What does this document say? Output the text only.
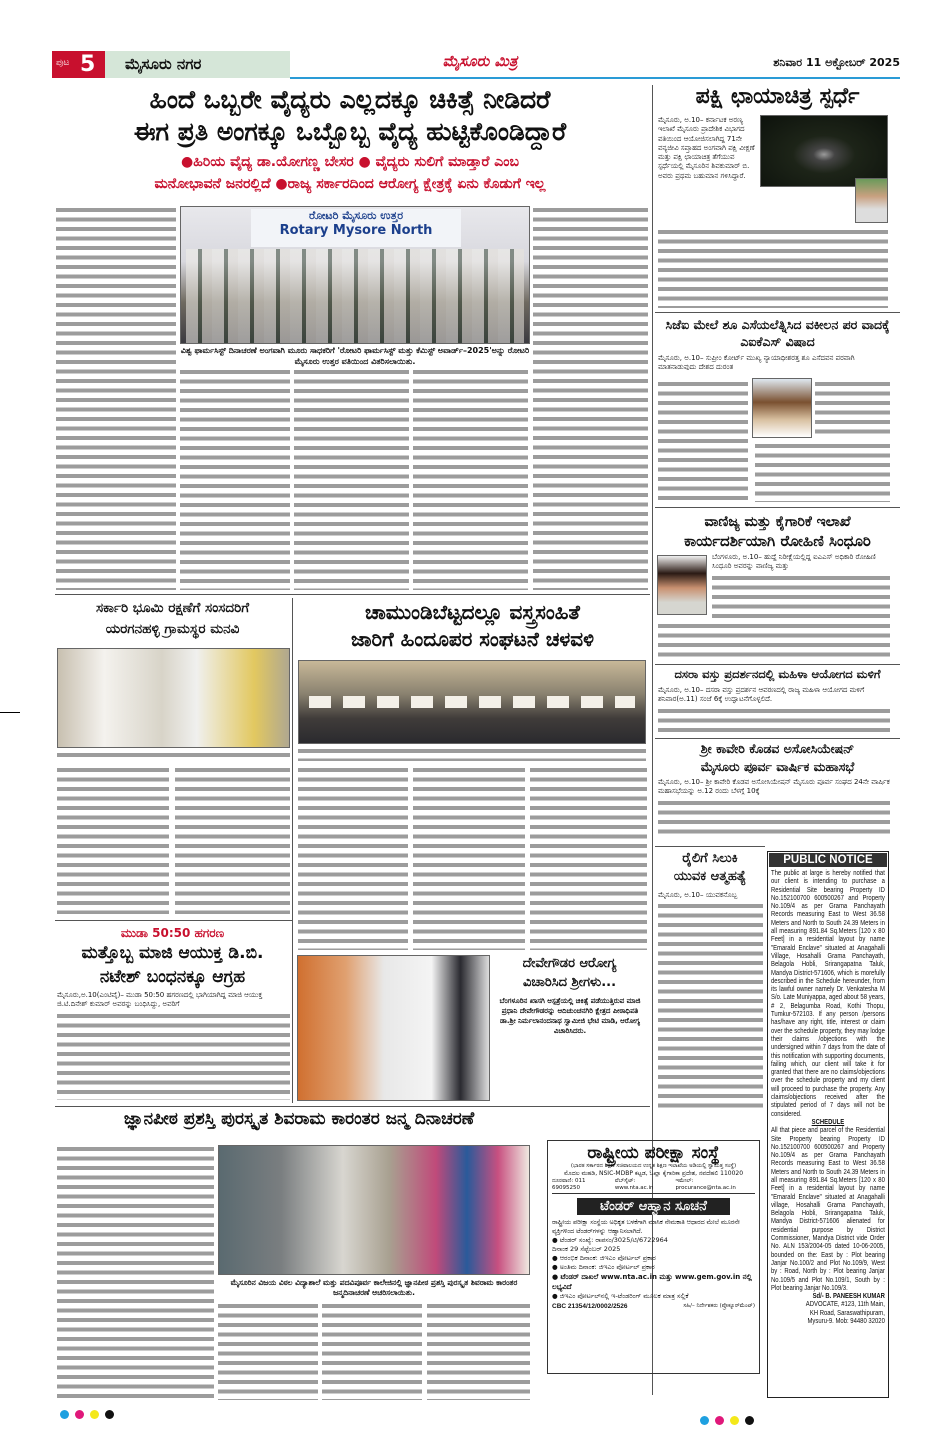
ಪುಟ 5 ಮೈಸೂರು ನಗರ	ಮೈಸೂರು ಮಿತ್ರ	ಶನಿವಾರ 11 ಅಕ್ಟೋಬರ್ 2025
ಹಿಂದೆ ಒಬ್ಬರೇ ವೈದ್ಯರು ಎಲ್ಲದಕ್ಕೂ ಚಿಕಿತ್ಸೆ ನೀಡಿದರೆ
ಈಗ ಪ್ರತಿ ಅಂಗಕ್ಕೂ ಒಬ್ಬೊಬ್ಬ ವೈದ್ಯ ಹುಟ್ಟಿಕೊಂಡಿದ್ದಾರೆ
●ಹಿರಿಯ ವೈದ್ಯ ಡಾ.ಯೋಗಣ್ಣ ಬೇಸರ ● ವೈದ್ಯರು ಸುಲಿಗೆ ಮಾಡ್ತಾರೆ ಎಂಬ
ಮನೋಭಾವನೆ ಜನರಲ್ಲಿದೆ ●ರಾಜ್ಯ ಸರ್ಕಾರದಿಂದ ಆರೋಗ್ಯ ಕ್ಷೇತ್ರಕ್ಕೆ ಏನು ಕೊಡುಗೆ ಇಲ್ಲ
ರೋಟರಿ ಮೈಸೂರು ಉತ್ತರ
Rotary Mysore North
ವಿಶ್ವ ಫಾರ್ಮಸಿಸ್ಟ್ ದಿನಾಚರಣೆ ಅಂಗವಾಗಿ ಮೂರು ಸಾಧಕರಿಗೆ 'ರೋಟರಿ ಫಾರ್ಮಸಿಸ್ಟ್ ಮತ್ತು ಕೆಮಿಸ್ಟ್ ಅವಾರ್ಡ್–2025'ಅನ್ನು ರೋಟರಿ ಮೈಸೂರು ಉತ್ತರ ವತಿಯಿಂದ ವಿತರಿಸಲಾಯಿತು.
ಪಕ್ಷಿ ಛಾಯಾಚಿತ್ರ ಸ್ಪರ್ಧೆ
ಮೈಸೂರು, ಅ.10– ಕರ್ನಾಟಕ ಅರಣ್ಯ ಇಲಾಖೆ ಮೈಸೂರು ಪ್ರಾದೇಶಿಕ ವಿಭಾಗದ ವತಿಯಿಂದ ಆಯೋಜಿಸಲಾಗಿದ್ದ 71ನೇ ವನ್ಯಜೀವಿ ಸಪ್ತಾಹದ ಅಂಗವಾಗಿ ಪಕ್ಷಿ ವೀಕ್ಷಣೆ ಮತ್ತು ಪಕ್ಷಿ ಛಾಯಾಚಿತ್ರ ತೆಗೆಯುವ ಸ್ಪರ್ಧೆಯಲ್ಲಿ ಮೈಸೂರಿನ ಶಿವಕುಮಾರ್ ಬಿ. ಅವರು ಪ್ರಥಮ ಬಹುಮಾನ ಗಳಿಸಿದ್ದಾರೆ.
ಸಿಜೆಐ ಮೇಲೆ ಶೂ ಎಸೆಯಲೆತ್ನಿಸಿದ ವಕೀಲನ ಪರ ವಾದಕ್ಕೆ ಎಐಕೆಎಸ್ ವಿಷಾದ
ಮೈಸೂರು, ಅ.10– ಸುಪ್ರೀಂ ಕೋರ್ಟ್ ಮುಖ್ಯ ನ್ಯಾಯಾಧೀಶರತ್ತ ಶೂ ಎಸೆದವನ ಪರವಾಗಿ ಮಾತನಾಡುವುದು ದೇಶದ ದುರಂತ
ವಾಣಿಜ್ಯ ಮತ್ತು ಕೈಗಾರಿಕೆ ಇಲಾಖೆ
ಕಾರ್ಯದರ್ಶಿಯಾಗಿ ರೋಹಿಣಿ ಸಿಂಧೂರಿ
ಬೆಂಗಳೂರು, ಅ.10– ಹುದ್ದೆ ನಿರೀಕ್ಷೆಯಲ್ಲಿದ್ದ ಐಎಎಸ್ ಅಧಿಕಾರಿ ರೋಹಿಣಿ ಸಿಂಧೂರಿ ಅವರನ್ನು ವಾಣಿಜ್ಯ ಮತ್ತು
ದಸರಾ ವಸ್ತು ಪ್ರದರ್ಶನದಲ್ಲಿ ಮಹಿಳಾ ಆಯೋಗದ ಮಳಿಗೆ
ಮೈಸೂರು, ಅ.10– ದಸರಾ ವಸ್ತು ಪ್ರದರ್ಶನ ಆವರಣದಲ್ಲಿ ರಾಜ್ಯ ಮಹಿಳಾ ಆಯೋಗದ ಮಳಿಗೆ ಶನಿವಾರ(ಅ.11) ಸಂಜೆ 6ಕ್ಕೆ ಉದ್ಘಾಟನೆಗೊಳ್ಳಲಿದೆ.
ಶ್ರೀ ಕಾವೇರಿ ಕೊಡವ ಅಸೋಸಿಯೇಷನ್
ಮೈಸೂರು ಪೂರ್ವ ವಾರ್ಷಿಕ ಮಹಾಸಭೆ
ಮೈಸೂರು, ಅ.10– ಶ್ರೀ ಕಾವೇರಿ ಕೊಡವ ಅಸೋಸಿಯೇಷನ್ ಮೈಸೂರು ಪೂರ್ವ ಸಂಘದ 24ನೇ ವಾರ್ಷಿಕ ಮಹಾಸಭೆಯನ್ನು ಅ.12 ರಂದು ಬೆಳಗ್ಗೆ 10ಕ್ಕೆ
ರೈಲಿಗೆ ಸಿಲುಕಿ
ಯುವಕ ಆತ್ಮಹತ್ಯೆ
ಮೈಸೂರು, ಅ.10– ಯುವಕನೊಬ್ಬ
PUBLIC NOTICE
The public at large is hereby notified that our client is intending to purchase a Residential Site bearing Property ID No.152100700 600500267 and Property No.109/4 as per Grama Panchayath Records measuring East to West 36.58 Meters and North to South 24.39 Meters in all measuring 891.84 Sq.Meters [120 x 80 Feet] in a residential layout by name "Emarald Enclave" situated at Anagahalli Village, Hosahalli Grama Panchayath, Belagola Hobli, Srirangapatna Taluk, Mandya District-571606, which is morefully described in the Schedule hereunder, from its lawful owner namely Dr. Venkatesha M S/o. Late Muniyappa, aged about 58 years, # 2, Belagumba Road, Kothi Thopu, Tumkur-572103. If any person /persons has/have any right, title, interest or claim over the schedule property, they may lodge their claims /objections with the undersigned within 7 days from the date of this notification with supporting documents, failing which, our client will take it for granted that there are no claims/objections over the schedule property and my client will proceed to purchase the property. Any claims/objections received after the stipulated period of 7 days will not be considered.
SCHEDULE
All that piece and parcel of the Residential Site Property bearing Property ID No.152100700 600500267 and Property No.109/4 as per Grama Panchayath Records measuring East to West 36.58 Meters and North to South 24.39 Meters in all measuring 891.84 Sq.Meters [120 x 80 Feet] in a residential layout by name "Emarald Enclave" situated at Anagahalli village, Hosahalli Grama Panchayath, Belagola Hobli, Srirangapatna Taluk, Mandya District-571606 alienated for residential purpose by District Commissioner, Mandya District vide Order No. ALN 153/2004-05 dated 10-06-2005, bounded on the: East by : Plot bearing Janjar No.100/2 and Plot No.109/9, West by : Road, North by : Plot bearing Janjar No.109/5 and Plot No.109/1, South by : Plot bearing Janjar No.109/3.
Sd/- B. PANEESH KUMAR
ADVOCATE, #123, 11th Main,
KH Road, Saraswathipuram,
Mysuru-9. Mob: 94480 32020
ಸರ್ಕಾರಿ ಭೂಮಿ ರಕ್ಷಣೆಗೆ ಸಂಸದರಿಗೆ
ಯರಗನಹಳ್ಳಿ ಗ್ರಾಮಸ್ಥರ ಮನವಿ
ಚಾಮುಂಡಿಬೆಟ್ಟದಲ್ಲೂ ವಸ್ತ್ರಸಂಹಿತೆ
ಜಾರಿಗೆ ಹಿಂದೂಪರ ಸಂಘಟನೆ ಚಳವಳಿ
ಮುಡಾ 50:50 ಹಗರಣ
ಮತ್ತೊಬ್ಬ ಮಾಜಿ ಆಯುಕ್ತ ಡಿ.ಬಿ.
ನಟೇಶ್ ಬಂಧನಕ್ಕೂ ಆಗ್ರಹ
ಮೈಸೂರು,ಅ.10(ಎಂಟಿವೈ)– ಮುಡಾ 50:50 ಹಗರಣದಲ್ಲಿ ಭಾಗಿಯಾಗಿದ್ದ ಮಾಜಿ ಆಯುಕ್ತ ಜಿ.ಟಿ.ದಿನೇಶ್ ಕುಮಾರ್ ಅವರನ್ನು ಬಂಧಿಸಿದ್ದು, ಅವರಿಗೆ
ದೇವೇಗೌಡರ ಆರೋಗ್ಯ
ವಿಚಾರಿಸಿದ ಶ್ರೀಗಳು...
ಬೆಂಗಳೂರಿನ ಖಾಸಗಿ ಆಸ್ಪತ್ರೆಯಲ್ಲಿ ಚಿಕಿತ್ಸೆ ಪಡೆಯುತ್ತಿರುವ ಮಾಜಿ ಪ್ರಧಾನಿ ದೇವೇಗೌಡರನ್ನು ಆದಿಚುಂಚನಗಿರಿ ಕ್ಷೇತ್ರದ ಪೀಠಾಧಿಪತಿ ಡಾ.ಶ್ರೀ ನಿರ್ಮಲಾನಂದನಾಥ ಸ್ವಾಮೀಜಿ ಭೇಟಿ ಮಾಡಿ, ಆರೋಗ್ಯ ವಿಚಾರಿಸಿದರು.
ಜ್ಞಾನಪೀಠ ಪ್ರಶಸ್ತಿ ಪುರಸ್ಕೃತ ಶಿವರಾಮ ಕಾರಂತರ ಜನ್ಮ ದಿನಾಚರಣೆ
ಮೈಸೂರಿನ ವಿಜಯ ವಿಠಲ ವಿದ್ಯಾಶಾಲೆ ಮತ್ತು ಪದವಿಪೂರ್ವ ಕಾಲೇಜಿನಲ್ಲಿ ಜ್ಞಾನಪೀಠ ಪ್ರಶಸ್ತಿ ಪುರಸ್ಕೃತ ಶಿವರಾಮ ಕಾರಂತರ ಜನ್ಮದಿನಾಚರಣೆ ಆಚರಿಸಲಾಯಿತು.
ರಾಷ್ಟ್ರೀಯ ಪರೀಕ್ಷಾ ಸಂಸ್ಥೆ
(ಭಾರತ ಸರ್ಕಾರದ ಶಿಕ್ಷಣ ಸಚಿವಾಲಯದ ಉನ್ನತ ಶಿಕ್ಷಣ ಇಲಾಖೆಯ ಅಡಿಯಲ್ಲಿ ಸ್ವಾಯತ್ತ ಸಂಸ್ಥೆ)
ಮೊದಲ ಮಹಡಿ, NSIC-MDBP ಕಟ್ಟಡ, ಓಖ್ಲಾ ಕೈಗಾರಿಕಾ ಪ್ರದೇಶ, ನವದೆಹಲಿ 110020
ದೂರವಾಣಿ: 011 69095250
ವೆಬ್‌ಸೈಟ್: www.nta.ac.in
ಇಮೇಲ್: procurance@nta.ac.in
ಟೆಂಡರ್ ಆಹ್ವಾನ ಸೂಚನೆ
ರಾಷ್ಟ್ರೀಯ ಪರೀಕ್ಷಾ ಸಂಸ್ಥೆಯ ಅಧಿಕೃತ ಬಳಕೆಗಾಗಿ ಮಾಸಿಕ ನೇಮಕಾತಿ ಆಧಾರದ ಮೇಲೆ ಮೂರನೇ ವ್ಯಕ್ತಿಗಳಿಂದ ಟೆಂಡರ್‌ಗಳನ್ನು ಆಹ್ವಾನಿಸಲಾಗಿದೆ.
● ಟೆಂಡರ್ ಸಂಖ್ಯೆ: ರಾಪಸಂ/3025/ಟಿ/6722964
ದಿನಾಂಕ 29 ಸೆಪ್ಟೆಂಬರ್ 2025
● ಆರಂಭಿಕ ದಿನಾಂಕ: ಜಿಇಎಂ ಪೋರ್ಟಲ್ ಪ್ರಕಾರ
● ಅಂತಿಮ ದಿನಾಂಕ: ಜಿಇಎಂ ಪೋರ್ಟಲ್ ಪ್ರಕಾರ
● ಟೆಂಡರ್ ದಾಖಲೆ www.nta.ac.in ಮತ್ತು www.gem.gov.in ನಲ್ಲಿ ಲಭ್ಯವಿದೆ
● ಜಿಇಎಂ ಪೋರ್ಟಲ್‌ನಲ್ಲಿ ಇ-ಟೆಂಡರಿಂಗ್ ಮೂಲಕ ಮಾತ್ರ ಸಲ್ಲಿಕೆ
CBC 21354/12/0002/2526	ಸಹಿ/– ನಿರ್ದೇಶಕರು (ಪ್ರೊಕ್ಯೂರ್‌ಮೆಂಟ್)
